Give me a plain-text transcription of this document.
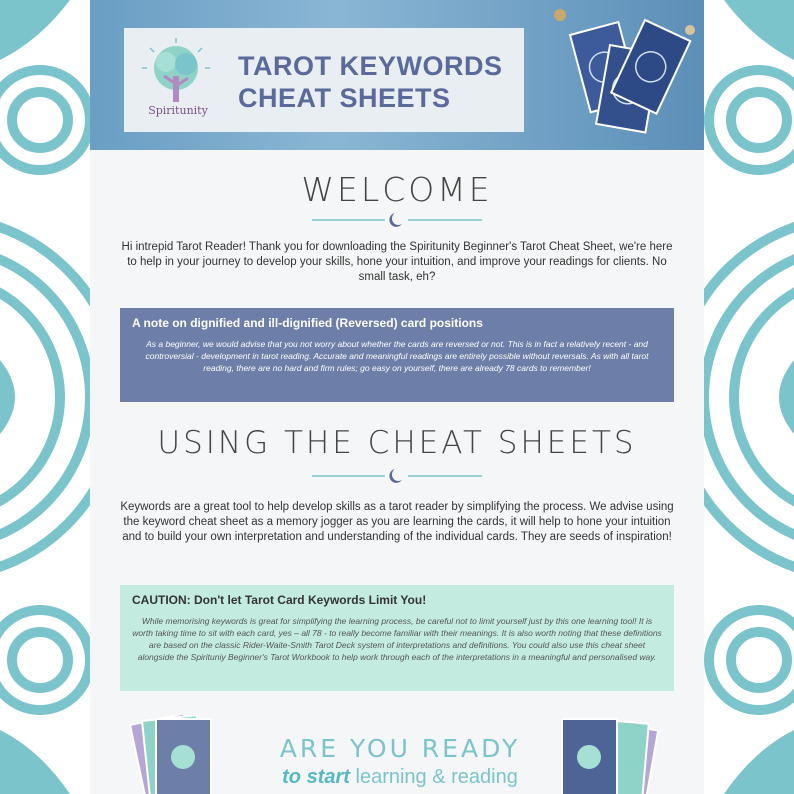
Spiritunity
TAROT KEYWORDS
CHEAT SHEETS
WELCOME
Hi intrepid Tarot Reader! Thank you for downloading the Spiritunity Beginner's Tarot Cheat Sheet, we're here to help in your journey to develop your skills, hone your intuition, and improve your readings for clients. No small task, eh?
A note on dignified and ill-dignified (Reversed) card positions
As a beginner, we would advise that you not worry about whether the cards are reversed or not. This is in fact a relatively recent - and controversial - development in tarot reading. Accurate and meaningful readings are entirely possible without reversals. As with all tarot reading, there are no hard and firm rules; go easy on yourself, there are already 78 cards to remember!
USING THE CHEAT SHEETS
Keywords are a great tool to help develop skills as a tarot reader by simplifying the process. We advise using the keyword cheat sheet as a memory jogger as you are learning the cards, it will help to hone your intuition and to build your own interpretation and understanding of the individual cards. They are seeds of inspiration!
CAUTION: Don't let Tarot Card Keywords Limit You!
While memorising keywords is great for simplifying the learning process, be careful not to limit yourself just by this one learning tool! It is worth taking time to sit with each card, yes – all 78 - to really become familiar with their meanings. It is also worth noting that these definitions are based on the classic Rider-Waite-Smith Tarot Deck system of interpretations and definitions. You could also use this cheat sheet alongside the Spirituniy Beginner's Tarot Workbook to help work through each of the interpretations in a meaningful and personalised way.
ARE YOU READY
to start learning & reading
